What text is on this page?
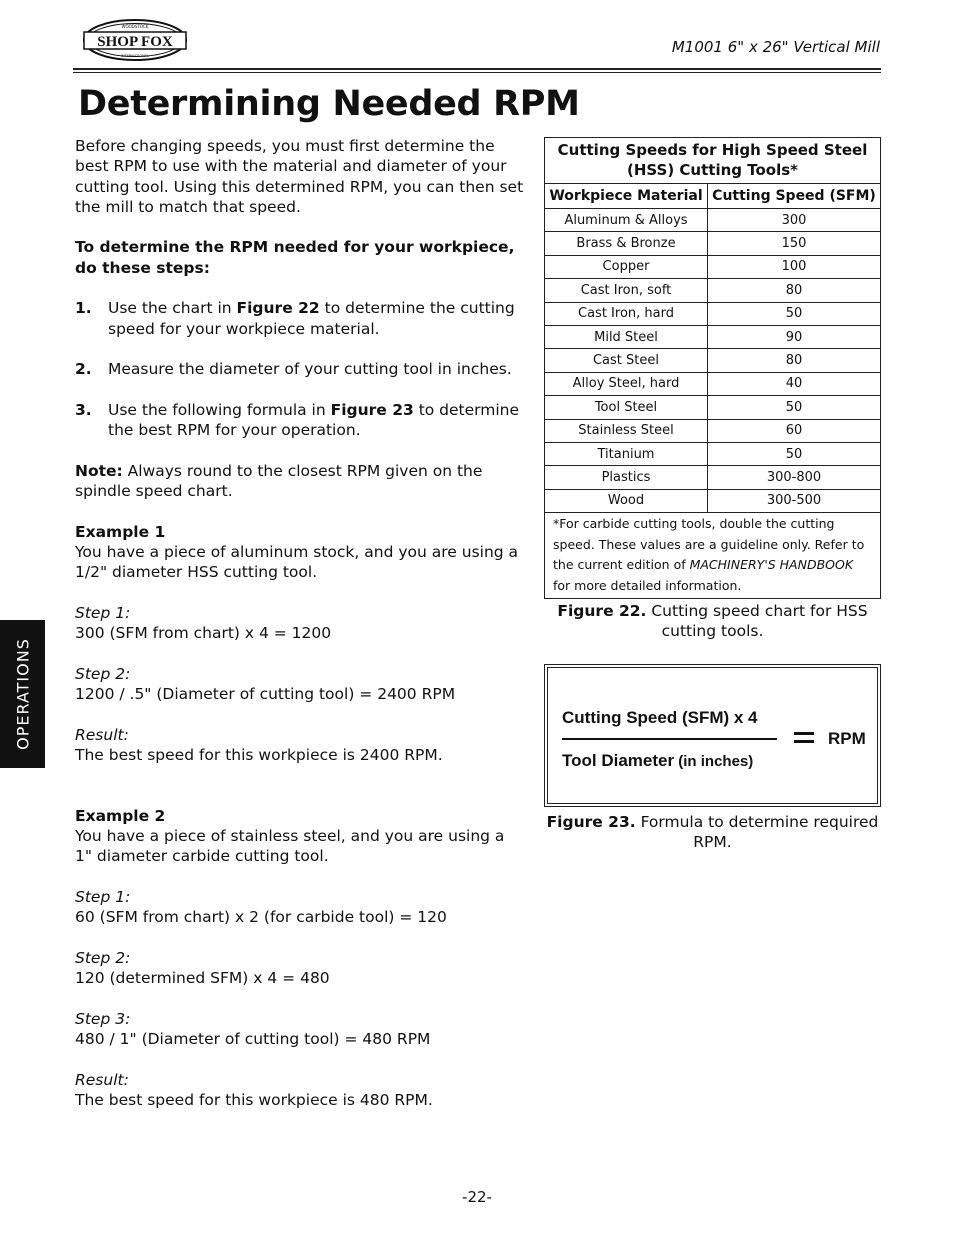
SHOP FOX
WOODSTOCK
INTERNATIONAL	M1001 6" x 26" Vertical Mill
Determining Needed RPM
OPERATIONS

Before changing speeds, you must first determine the best RPM to use with the material and diameter of your cutting tool. Using this determined RPM, you can then set the mill to match that speed.

To determine the RPM needed for your workpiece, do these steps:

1.	Use the chart in Figure 22 to determine the cutting speed for your workpiece material.
2.	Measure the diameter of your cutting tool in inches.
3.	Use the following formula in Figure 23 to determine the best RPM for your operation.

Note: Always round to the closest RPM given on the spindle speed chart.

Example 1

You have a piece of aluminum stock, and you are using a 1/2" diameter HSS cutting tool.

Step 1:

300 (SFM from chart) x 4 = 1200

Step 2:

1200 / .5" (Diameter of cutting tool) = 2400 RPM

Result:

The best speed for this workpiece is 2400 RPM.

Example 2

You have a piece of stainless steel, and you are using a 1" diameter carbide cutting tool.

Step 1:

60 (SFM from chart) x 2 (for carbide tool) = 120

Step 2:

120 (determined SFM) x 4 = 480

Step 3:

480 / 1" (Diameter of cutting tool) = 480 RPM

Result:

The best speed for this workpiece is 480 RPM.

Cutting Speeds for High Speed Steel (HSS) Cutting Tools*	
Workpiece Material	Cutting Speed (SFM)
Aluminum & Alloys	300
Brass & Bronze	150
Copper	100
Cast Iron, soft	80
Cast Iron, hard	50
Mild Steel	90
Cast Steel	80
Alloy Steel, hard	40
Tool Steel	50
Stainless Steel	60
Titanium	50
Plastics	300-800
Wood	300-500
*For carbide cutting tools, double the cutting speed. These values are a guideline only. Refer to the current edition of MACHINERY'S HANDBOOK for more detailed information.	
Figure 22. Cutting speed chart for HSS cutting tools.
Cutting Speed (SFM) x 4
Tool Diameter (in inches)
RPM
Figure 23. Formula to determine required RPM.
-22-
